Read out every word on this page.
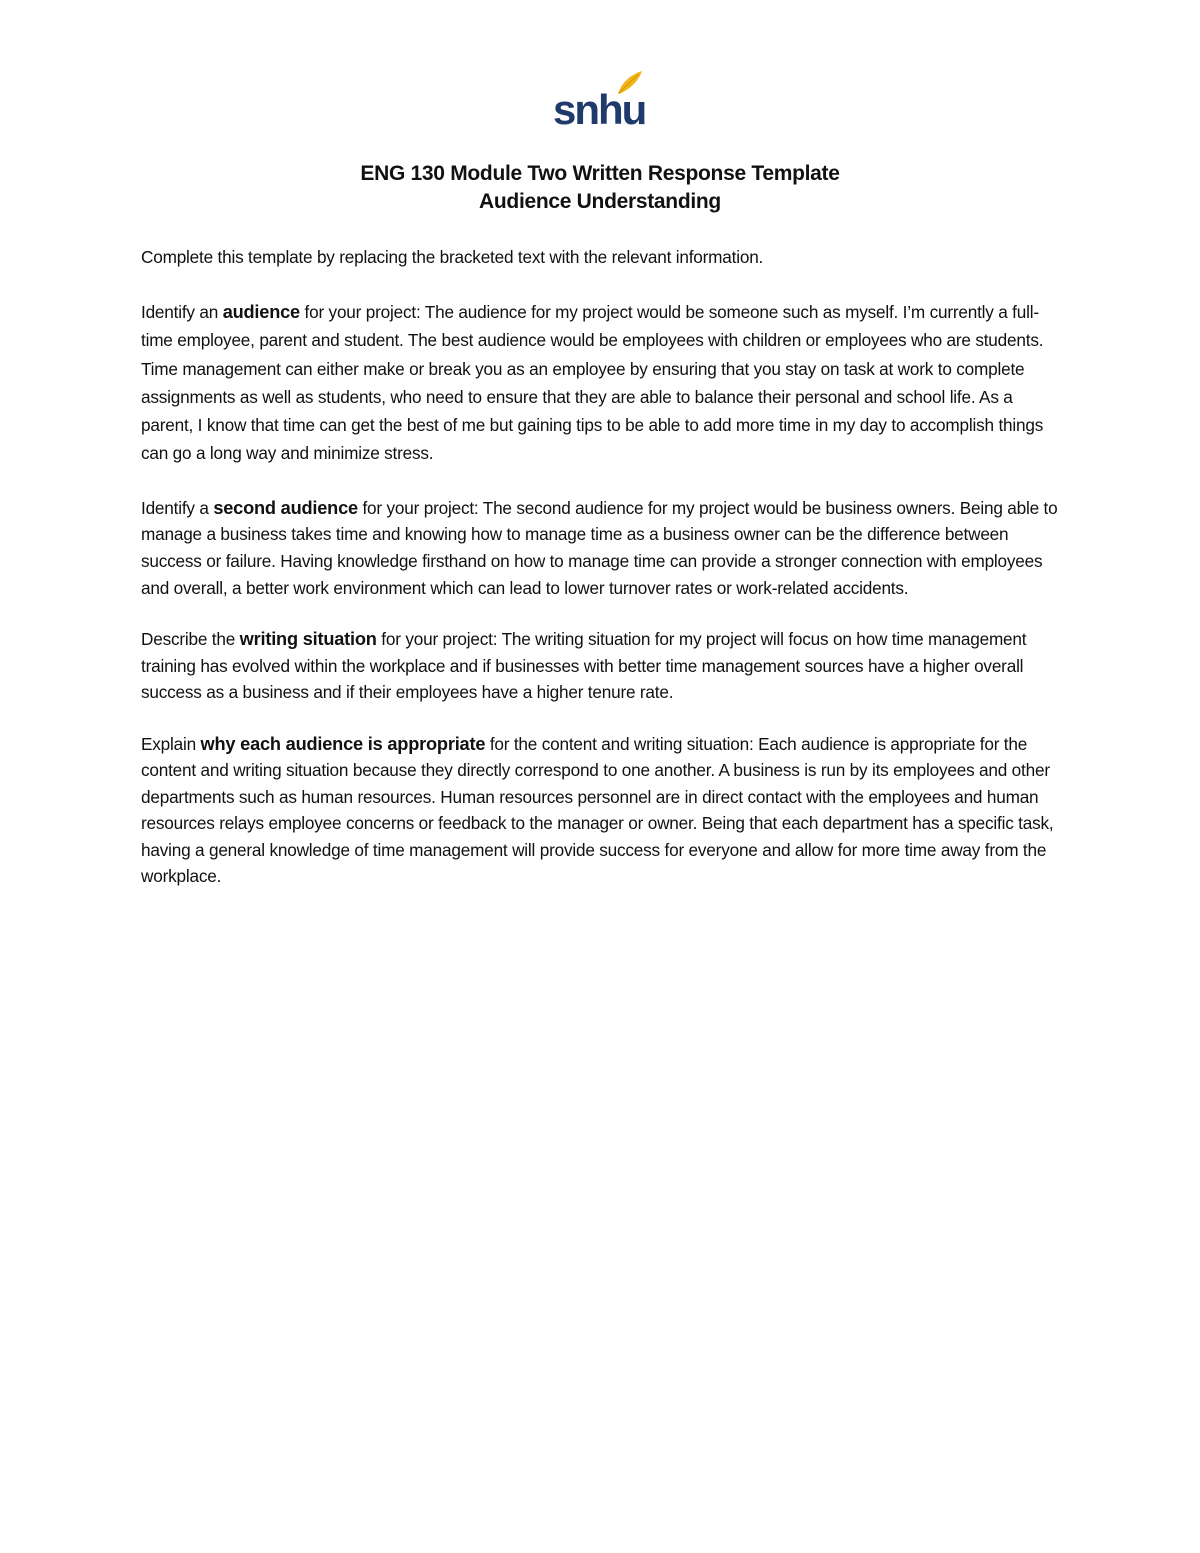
snhu
ENG 130 Module Two Written Response Template
Audience Understanding

Complete this template by replacing the bracketed text with the relevant information.

Identify an audience for your project: The audience for my project would be someone such as myself. I’m currently a full-time employee, parent and student. The best audience would be employees with children or employees who are students. Time management can either make or break you as an employee by ensuring that you stay on task at work to complete assignments as well as students, who need to ensure that they are able to balance their personal and school life. As a parent, I know that time can get the best of me but gaining tips to be able to add more time in my day to accomplish things can go a long way and minimize stress.

Identify a second audience for your project: The second audience for my project would be business owners. Being able to manage a business takes time and knowing how to manage time as a business owner can be the difference between success or failure. Having knowledge firsthand on how to manage time can provide a stronger connection with employees and overall, a better work environment which can lead to lower turnover rates or work-related accidents.

Describe the writing situation for your project: The writing situation for my project will focus on how time management training has evolved within the workplace and if businesses with better time management sources have a higher overall success as a business and if their employees have a higher tenure rate.

Explain why each audience is appropriate for the content and writing situation: Each audience is appropriate for the content and writing situation because they directly correspond to one another. A business is run by its employees and other departments such as human resources. Human resources personnel are in direct contact with the employees and human resources relays employee concerns or feedback to the manager or owner. Being that each department has a specific task, having a general knowledge of time management will provide success for everyone and allow for more time away from the workplace.
